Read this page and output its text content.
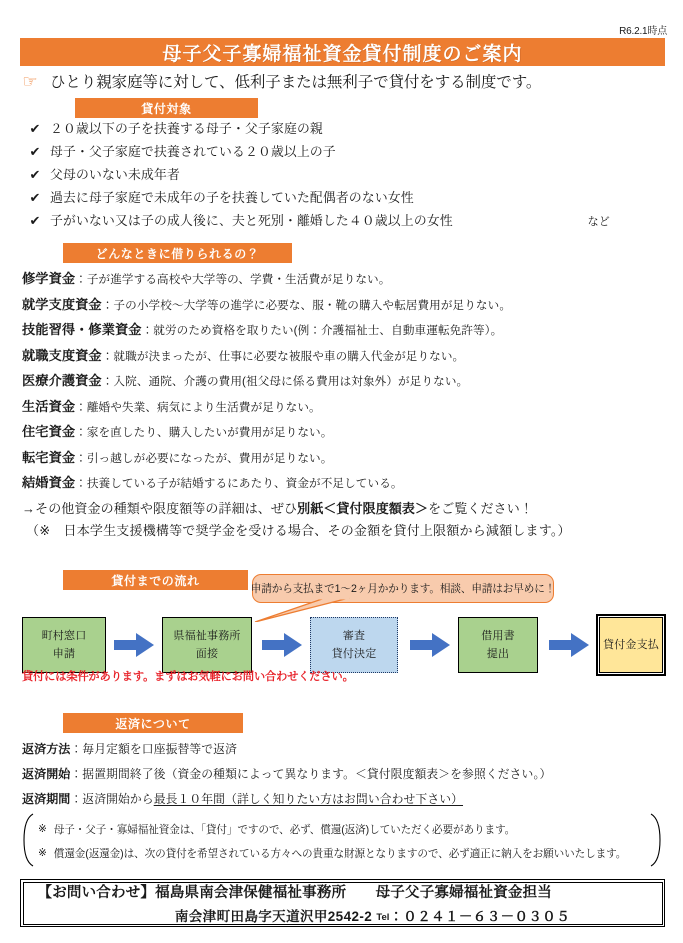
R6.2.1時点
母子父子寡婦福祉資金貸付制度のご案内
☞ ひとり親家庭等に対して、低利子または無利子で貸付をする制度です。
貸付対象
✔ ２０歳以下の子を扶養する母子・父子家庭の親
✔ 母子・父子家庭で扶養されている２０歳以上の子
✔ 父母のいない未成年者
✔ 過去に母子家庭で未成年の子を扶養していた配偶者のない女性
✔ 子がいない又は子の成人後に、夫と死別・離婚した４０歳以上の女性	など
どんなときに借りられるの？
修学資金：子が進学する高校や大学等の、学費・生活費が足りない。
就学支度資金：子の小学校～大学等の進学に必要な、服・靴の購入や転居費用が足りない。
技能習得・修業資金：就労のため資格を取りたい(例：介護福祉士、自動車運転免許等）。
就職支度資金：就職が決まったが、仕事に必要な被服や車の購入代金が足りない。
医療介護資金：入院、通院、介護の費用(祖父母に係る費用は対象外）が足りない。
生活資金：離婚や失業、病気により生活費が足りない。
住宅資金：家を直したり、購入したいが費用が足りない。
転宅資金：引っ越しが必要になったが、費用が足りない。
結婚資金：扶養している子が結婚するにあたり、資金が不足している。
→その他資金の種類や限度額等の詳細は、ぜひ別紙＜貸付限度額表＞をご覧ください！
（※　日本学生支援機構等で奨学金を受ける場合、その金額を貸付上限額から減額します。）
貸付までの流れ
申請から支払まで1～2ヶ月かかります。相談、申請はお早めに！
町村窓口
申請
県福祉事務所
面接
審査
貸付決定
借用書
提出
貸付金支払
貸付には条件があります。まずはお気軽にお問い合わせください。
返済について
返済方法：毎月定額を口座振替等で返済
返済開始：据置期間終了後（資金の種類によって異なります。＜貸付限度額表＞を参照ください。）
返済期間：返済開始から最長１０年間（詳しく知りたい方はお問い合わせ下さい）
※ 母子・父子・寡婦福祉資金は、「貸付」ですので、必ず、償還(返済)していただく必要があります。
※ 償還金(返還金)は、次の貸付を希望されている方々への貴重な財源となりますので、必ず適正に納入をお願いいたします。
【お問い合わせ】福島県南会津保健福祉事務所　　母子父子寡婦福祉資金担当
南会津町田島字天道沢甲2542-2 Tel：０２４１－６３－０３０５
